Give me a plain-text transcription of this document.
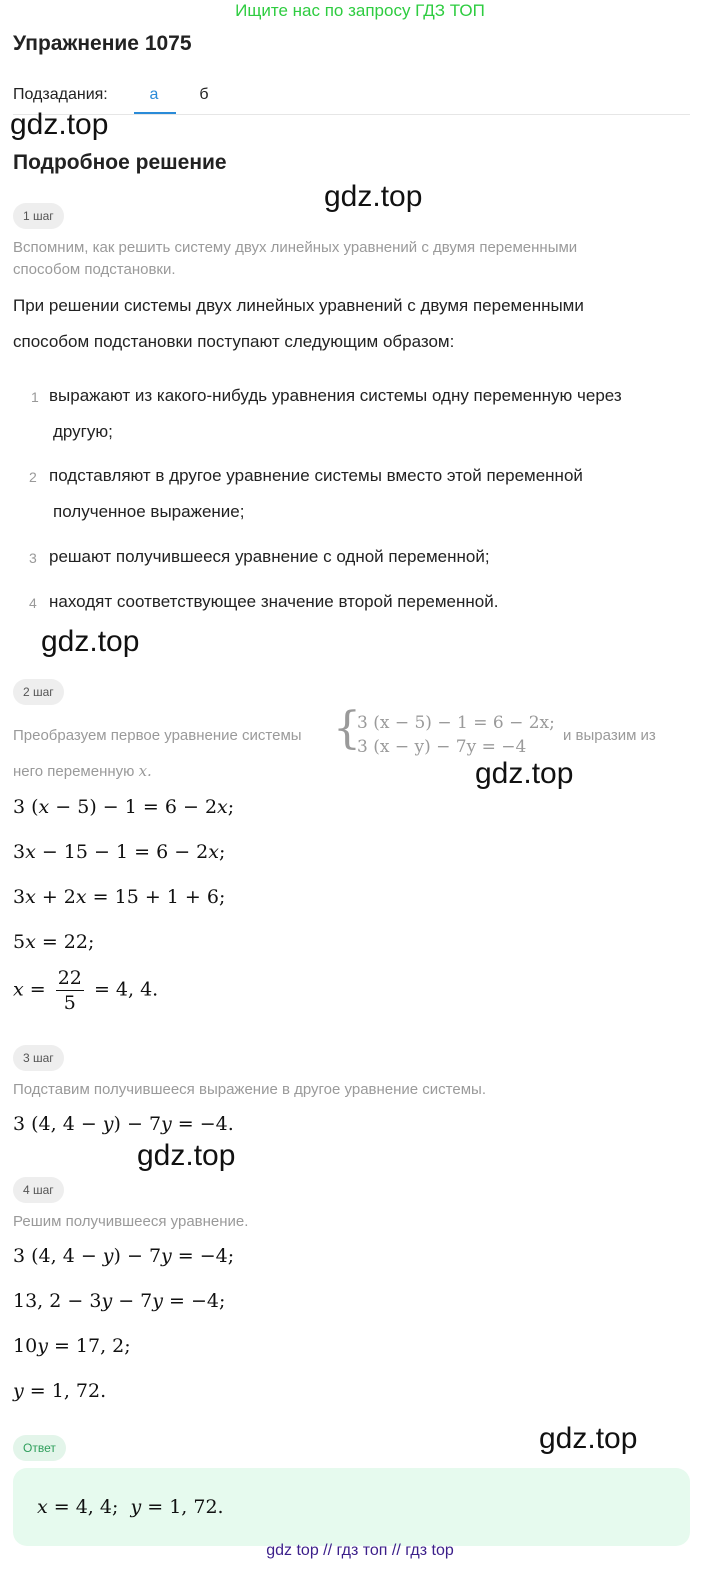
Ищите нас по запросу ГДЗ ТОП
Упражнение 1075
Подзадания:	а	б
gdz.top
Подробное решение
gdz.top
1 шаг
Вспомним, как решить систему двух линейных уравнений с двумя переменными
способом подстановки.
При решении системы двух линейных уравнений с двумя переменными
способом подстановки поступают следующим образом:
1 выражают из какого-нибудь уравнения системы одну переменную через
другую;
2 подставляют в другое уравнение системы вместо этой переменной
полученное выражение;
3 решают получившееся уравнение с одной переменной;
4 находят соответствующее значение второй переменной.
gdz.top
2 шаг
Преобразуем первое уравнение системы {
3 (x − 5) − 1 = 6 − 2x;
3 (x − y) − 7y = −4
и выразим из
него переменную x.	gdz.top
3 (x − 5) − 1 = 6 − 2x;
3x − 15 − 1 = 6 − 2x;
3x + 2x = 15 + 1 + 6;
5x = 22;
$x = \frac{22}{5} = 4$, 4.
3 шаг
Подставим получившееся выражение в другое уравнение системы.
3 (4, 4 − y) − 7y = −4.
gdz.top
4 шаг
Решим получившееся уравнение.
3 (4, 4 − y) − 7y = −4;
13, 2 − 3y − 7y = −4;
10y = 17, 2;
y = 1, 72.
Ответ	gdz.top
x = 4, 4;  y = 1, 72.
gdz top // гдз топ // гдз top
